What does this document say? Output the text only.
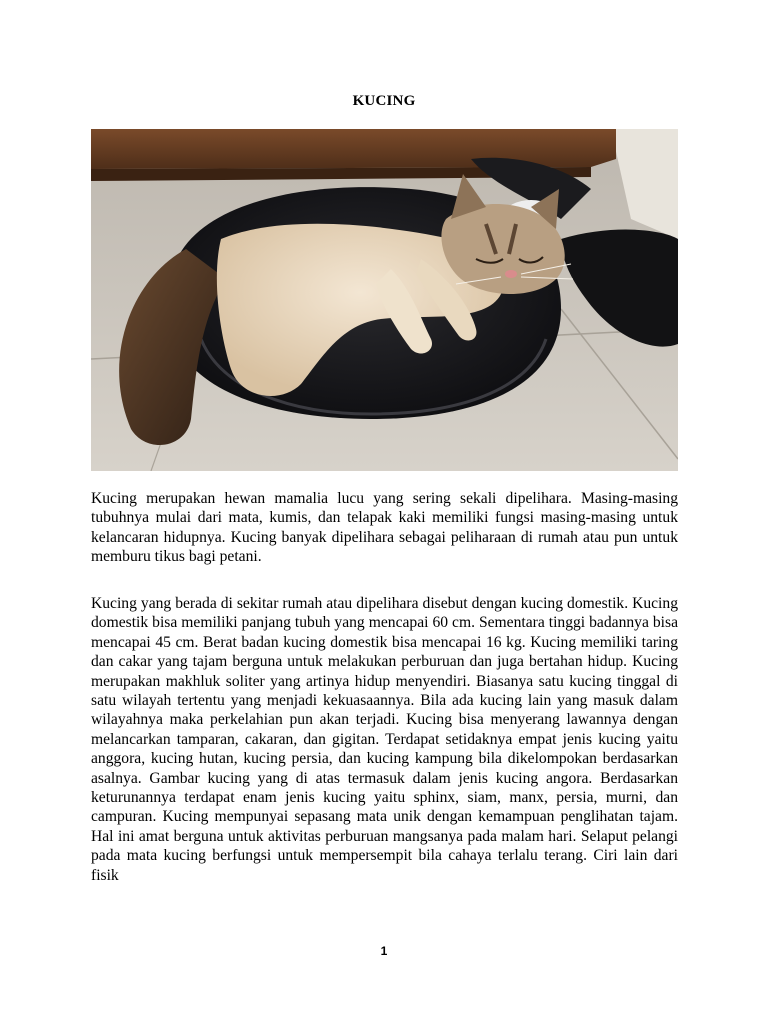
KUCING

Kucing merupakan hewan mamalia lucu yang sering sekali dipelihara. Masing-masing tubuhnya mulai dari mata, kumis, dan telapak kaki memiliki fungsi masing-masing untuk kelancaran hidupnya. Kucing banyak dipelihara sebagai peliharaan di rumah atau pun untuk memburu tikus bagi petani.

Kucing yang berada di sekitar rumah atau dipelihara disebut dengan kucing domestik. Kucing domestik bisa memiliki panjang tubuh yang mencapai 60 cm. Sementara tinggi badannya bisa mencapai 45 cm. Berat badan kucing domestik bisa mencapai 16 kg. Kucing memiliki taring dan cakar yang tajam berguna untuk melakukan perburuan dan juga bertahan hidup. Kucing merupakan makhluk soliter yang artinya hidup menyendiri. Biasanya satu kucing tinggal di satu wilayah tertentu yang menjadi kekuasaannya. Bila ada kucing lain yang masuk dalam wilayahnya maka perkelahian pun akan terjadi. Kucing bisa menyerang lawannya dengan melancarkan tamparan, cakaran, dan gigitan. Terdapat setidaknya empat jenis kucing yaitu anggora, kucing hutan, kucing persia, dan kucing kampung bila dikelompokan berdasarkan asalnya. Gambar kucing yang di atas termasuk dalam jenis kucing angora. Berdasarkan keturunannya terdapat enam jenis kucing yaitu sphinx, siam, manx, persia, murni, dan campuran. Kucing mempunyai sepasang mata unik dengan kemampuan penglihatan tajam. Hal ini amat berguna untuk aktivitas perburuan mangsanya pada malam hari. Selaput pelangi pada mata kucing berfungsi untuk mempersempit bila cahaya terlalu terang. Ciri lain dari fisik

1
